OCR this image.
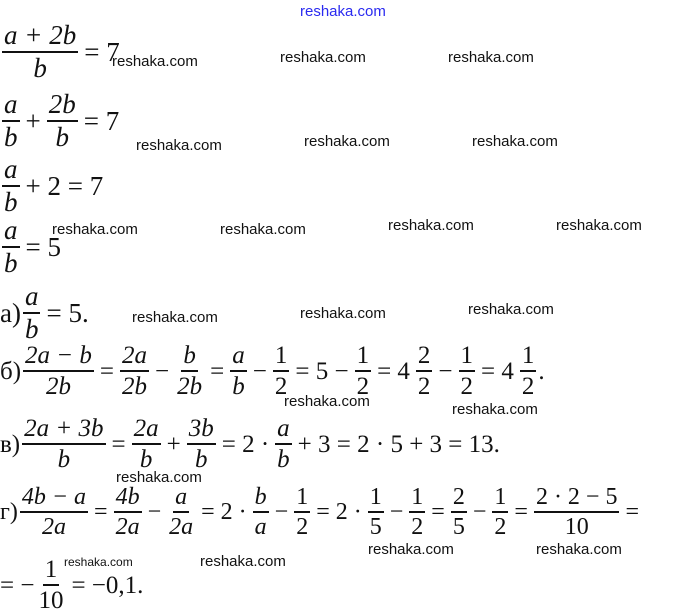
reshaka.com
$\frac{a + 2b}{b} = 7$
$\frac{a}{b} + \frac{2b}{b} = 7$
$\frac{a}{b} + 2 = 7$
$\frac{a}{b} = 5$
$а) \frac{a}{b} = 5$.
$б) \frac{2a - b}{2b} = \frac{2a}{2b} - \frac{b}{2b} = \frac{a}{b} - \frac{1}{2} = 5 - \frac{1}{2} = 4 \frac{2}{2} - \frac{1}{2} = 4 \frac{1}{2}$ .
$в) \frac{2a + 3b}{b} = \frac{2a}{b} + \frac{3b}{b} = 2 \cdot \frac{a}{b} + 3 = 2 \cdot 5 + 3 = 13$.
$г) \frac{4b - a}{2a} = \frac{4b}{2a} - \frac{a}{2a} = 2 \cdot \frac{b}{a} - \frac{1}{2} = 2 \cdot \frac{1}{5} - \frac{1}{2} = \frac{2}{5} - \frac{1}{2} = \frac{2 \cdot 2 - 5}{10}$ =
= − $\frac{1}{10} = -0,1$.
reshaka.com	reshaka.com	reshaka.com
reshaka.com	reshaka.com	reshaka.com
reshaka.com	reshaka.com	reshaka.com	reshaka.com
reshaka.com	reshaka.com	reshaka.com
reshaka.com	reshaka.com
reshaka.com
reshaka.com	reshaka.com
reshaka.com
reshaka.com
